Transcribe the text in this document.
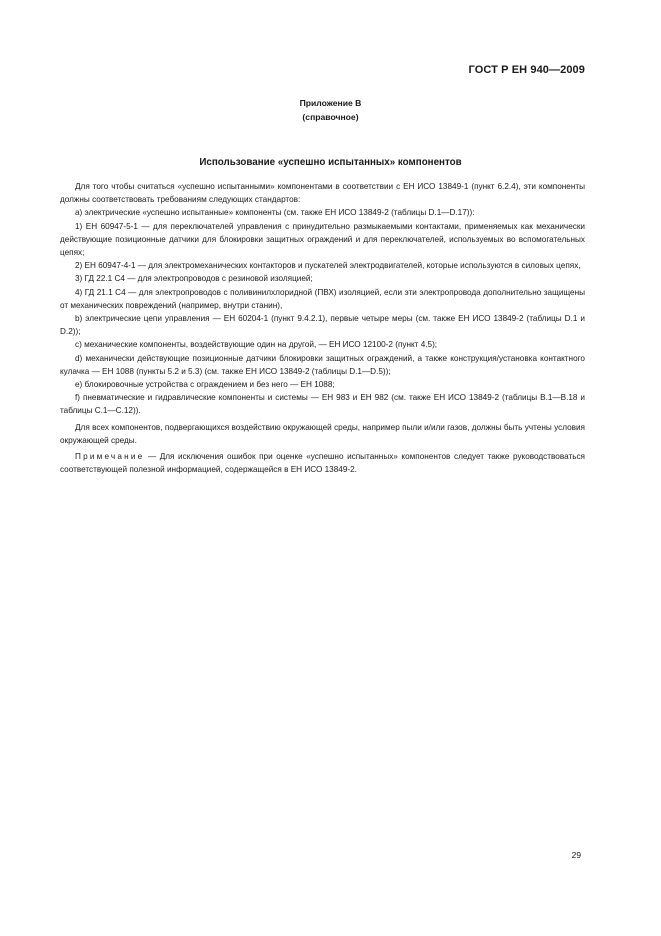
ГОСТ Р ЕН 940—2009
Приложение В
(справочное)
Использование «успешно испытанных» компонентов

Для того чтобы считаться «успешно испытанными» компонентами в соответствии с ЕН ИСО 13849-1 (пункт 6.2.4), эти компоненты должны соответствовать требованиям следующих стандартов:

а) электрические «успешно испытанные» компоненты (см. также ЕН ИСО 13849-2 (таблицы D.1—D.17)):

1) ЕН 60947-5-1 — для переключателей управления с принудительно размыкаемыми контактами, применяемых как механически действующие позиционные датчики для блокировки защитных ограждений и для переключателей, используемых во вспомогательных цепях;

2) ЕН 60947-4-1 — для электромеханических контакторов и пускателей электродвигателей, которые используются в силовых цепях,

3) ГД 22.1 С4 — для электропроводов с резиновой изоляцией;

4) ГД 21.1 С4 — для электропроводов с поливинилхлоридной (ПВХ) изоляцией, если эти электропровода дополнительно защищены от механических повреждений (например, внутри станин),

b) электрические цепи управления — ЕН 60204-1 (пункт 9.4.2.1), первые четыре меры (см. также ЕН ИСО 13849-2 (таблицы D.1 и D.2));

с) механические компоненты, воздействующие один на другой, — ЕН ИСО 12100-2 (пункт 4.5);

d) механически действующие позиционные датчики блокировки защитных ограждений, а также конструкция/установка контактного кулачка — ЕН 1088 (пункты 5.2 и 5.3) (см. также ЕН ИСО 13849-2 (таблицы D.1—D.5));

е) блокировочные устройства с ограждением и без него — ЕН 1088;

f) пневматические и гидравлические компоненты и системы — ЕН 983 и ЕН 982 (см. также ЕН ИСО 13849-2 (таблицы В.1—В.18 и таблицы С.1—С.12)).

Для всех компонентов, подвергающихся воздействию окружающей среды, например пыли и/или газов, должны быть учтены условия окружающей среды.

Примечание — Для исключения ошибок при оценке «успешно испытанных» компонентов следует также руководствоваться соответствующей полезной информацией, содержащейся в ЕН ИСО 13849-2.

29
